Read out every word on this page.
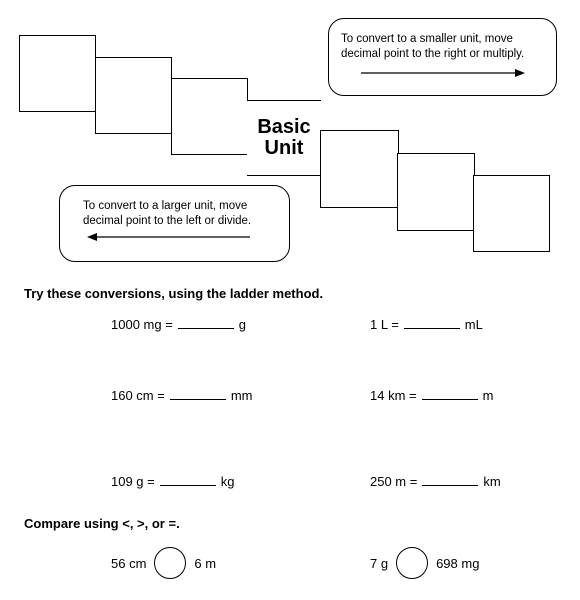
Basic
Unit
To convert to a smaller unit, move
decimal point to the right or multiply.
To convert to a larger unit, move
decimal point to the left or divide.
Try these conversions, using the ladder method.
1000 mg =	g	1 L =	mL
160 cm =	mm	14 km =	m
109 g =	kg	250 m =	km
Compare using <, >, or =.
56 cm	6 m	7 g	698 mg
